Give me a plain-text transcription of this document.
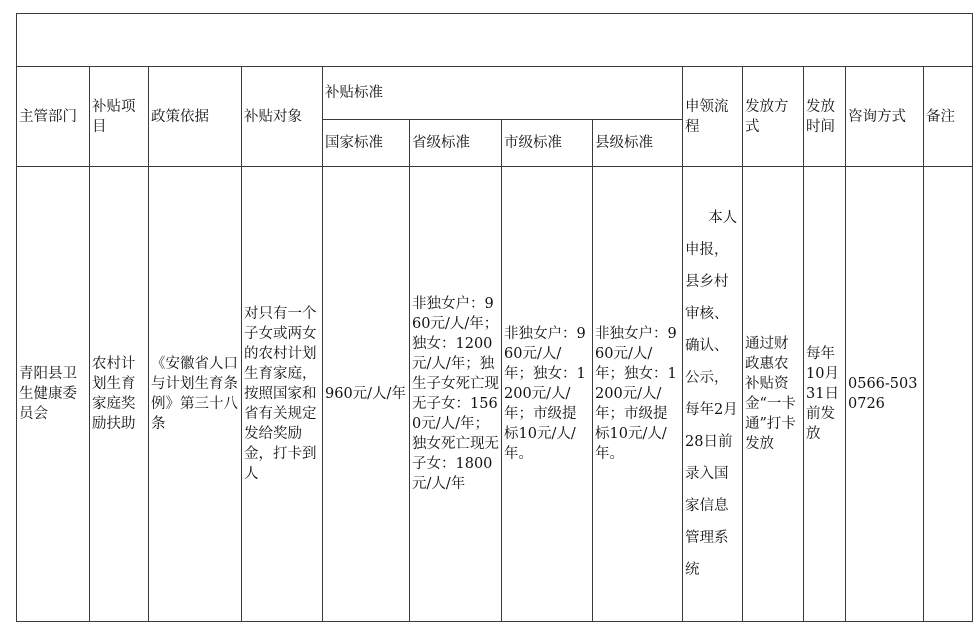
主管部门	补贴项目	政策依据	补贴对象	补贴标准				申领流程	发放方式	发放时间	咨询方式	备注
				国家标准	省级标准	市级标准	县级标准					
青阳县卫生健康委员会	农村计划生育家庭奖励扶助	《安徽省人口与计划生育条例》第三十八条	对只有一个子女或两女的农村计划生育家庭，按照国家和省有关规定发给奖励金，打卡到人	960元/人/年	非独女户：960元/人/年；独女：1200元/人/年；独生子女死亡现无子女：1560元/人/年；独女死亡现无子女：1800元/人/年	非独女户：960元/人/年；独女：1200元/人/年；市级提标10元/人/年。	非独女户：960元/人/年；独女：1200元/人/年；市级提标10元/人/年。	本人申报，县乡村审核、确认、公示，每年2月28日前录入国家信息管理系统	通过财政惠农补贴资金“一卡通”打卡发放	每年10月31日前发放	0566-5030726	
